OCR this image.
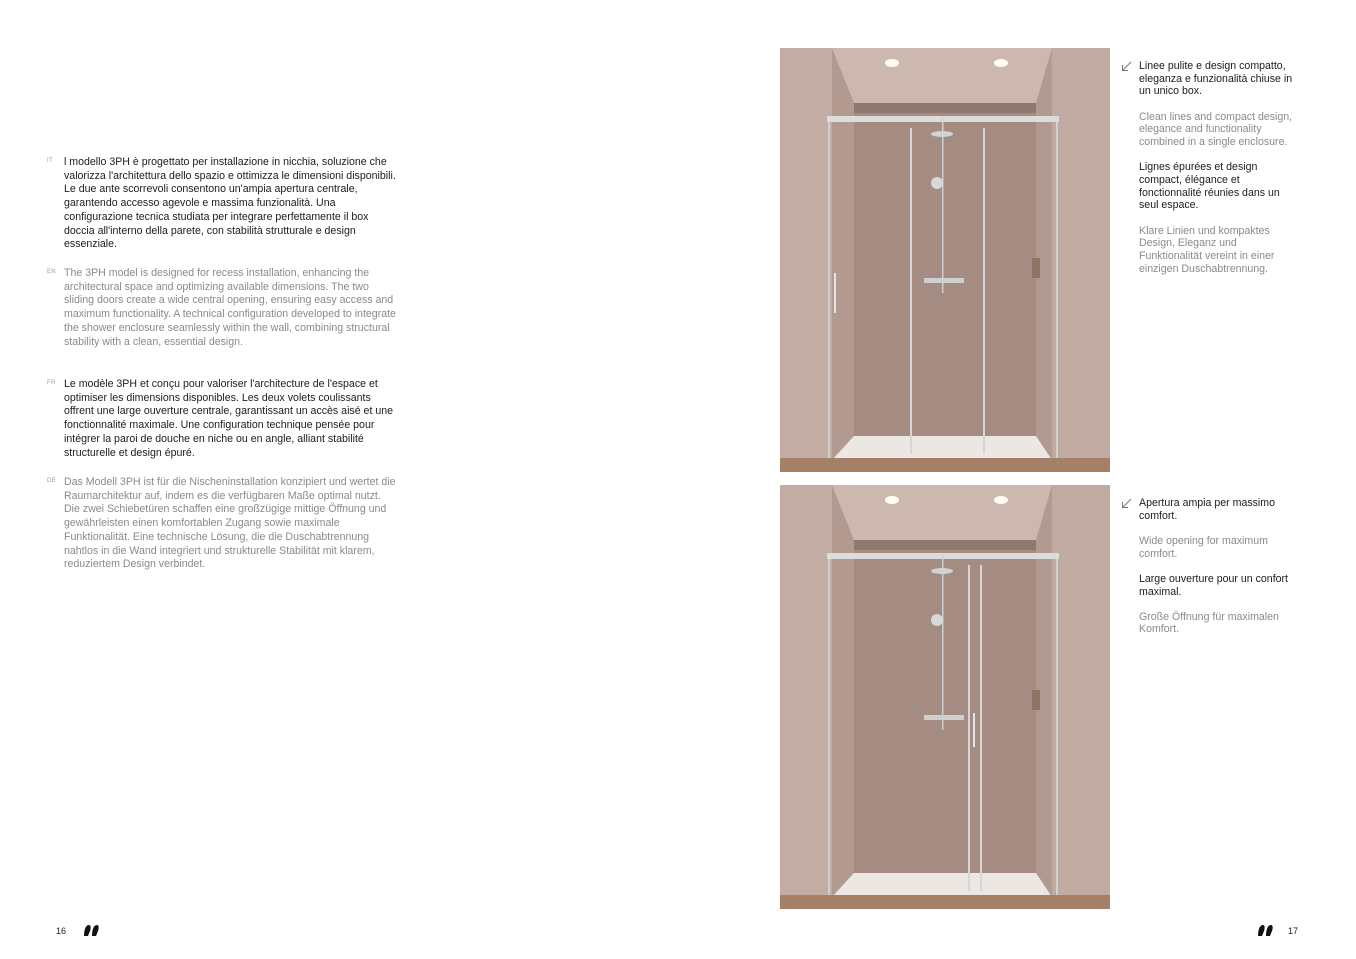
IT l modello 3PH è progettato per installazione in nicchia, soluzione che valorizza l'architettura dello spazio e ottimizza le dimensioni disponibili. Le due ante scorrevoli consentono un'ampia apertura centrale, garantendo accesso agevole e massima funzionalità. Una configurazione tecnica studiata per integrare perfettamente il box doccia all'interno della parete, con stabilità strutturale e design essenziale.

EN The 3PH model is designed for recess installation, enhancing the architectural space and optimizing available dimensions. The two sliding doors create a wide central opening, ensuring easy access and maximum functionality. A technical configuration developed to integrate the shower enclosure seamlessly within the wall, combining structural stability with a clean, essential design.

FR Le modèle 3PH et conçu pour valoriser l'architecture de l'espace et optimiser les dimensions disponibles. Les deux volets coulissants offrent une large ouverture centrale, garantissant un accès aisé et une fonctionnalité maximale. Une configuration technique pensée pour intégrer la paroi de douche en niche ou en angle, alliant stabilité structurelle et design épuré.

DE Das Modell 3PH ist für die Nischeninstallation konzipiert und wertet die Raumarchitektur auf, indem es die verfügbaren Maße optimal nutzt. Die zwei Schiebetüren schaffen eine großzügige mittige Öffnung und gewährleisten einen komfortablen Zugang sowie maximale Funktionalität. Eine technische Lösung, die die Duschabtrennung nahtlos in die Wand integriert und strukturelle Stabilität mit klarem, reduziertem Design verbindet.

16

Linee pulite e design compatto, eleganza e funzionalità chiuse in un unico box.

Clean lines and compact design, elegance and functionality combined in a single enclosure.

Lignes épurées et design compact, élégance et fonctionnalité réunies dans un seul espace.

Klare Linien und kompaktes Design, Eleganz und Funktionalität vereint in einer einzigen Duschabtrennung.

Apertura ampia per massimo comfort.

Wide opening for maximum comfort.

Large ouverture pour un confort maximal.

Große Öffnung für maximalen Komfort.

17
